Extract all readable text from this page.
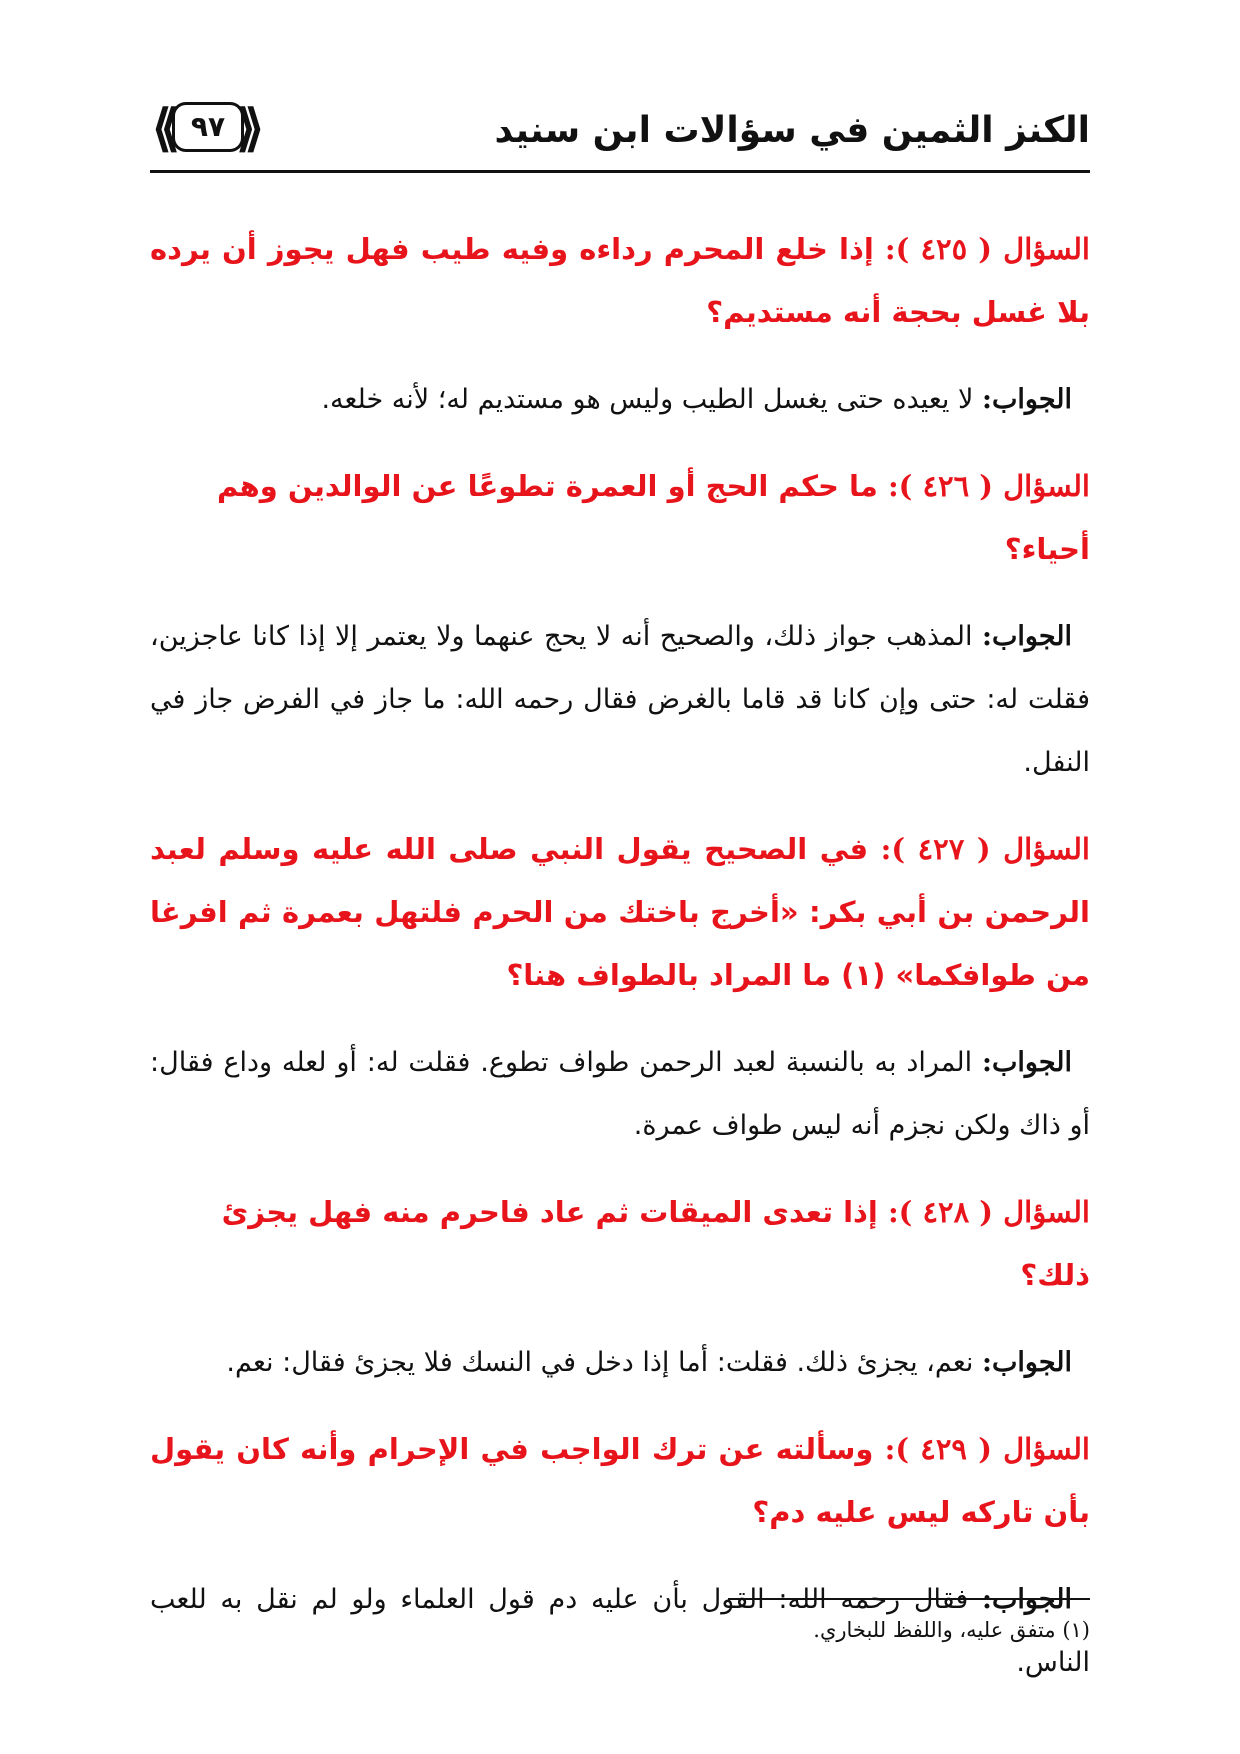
⟪ ٩٧ ⟫	الكنز الثمين في سؤالات ابن سنيد

السؤال ( ٤٢٥ ): إذا خلع المحرم رداءه وفيه طيب فهل يجوز أن يرده بلا غسل بحجة أنه مستديم؟

الجواب: لا يعيده حتى يغسل الطيب وليس هو مستديم له؛ لأنه خلعه.

السؤال ( ٤٢٦ ): ما حكم الحج أو العمرة تطوعًا عن الوالدين وهم أحياء؟

الجواب: المذهب جواز ذلك، والصحيح أنه لا يحج عنهما ولا يعتمر إلا إذا كانا عاجزين، فقلت له: حتى وإن كانا قد قاما بالغرض فقال رحمه الله: ما جاز في الفرض جاز في النفل.

السؤال ( ٤٢٧ ): في الصحيح يقول النبي صلى الله عليه وسلم لعبد الرحمن بن أبي بكر: «أخرج باختك من الحرم فلتهل بعمرة ثم افرغا من طوافكما» (١) ما المراد بالطواف هنا؟

الجواب: المراد به بالنسبة لعبد الرحمن طواف تطوع. فقلت له: أو لعله وداع فقال: أو ذاك ولكن نجزم أنه ليس طواف عمرة.

السؤال ( ٤٢٨ ): إذا تعدى الميقات ثم عاد فاحرم منه فهل يجزئ ذلك؟

الجواب: نعم، يجزئ ذلك. فقلت: أما إذا دخل في النسك فلا يجزئ فقال: نعم.

السؤال ( ٤٢٩ ): وسألته عن ترك الواجب في الإحرام وأنه كان يقول بأن تاركه ليس عليه دم؟

الجواب: فقال رحمه الله: القول بأن عليه دم قول العلماء ولو لم نقل به للعب الناس.

(١) متفق عليه، واللفظ للبخاري.
